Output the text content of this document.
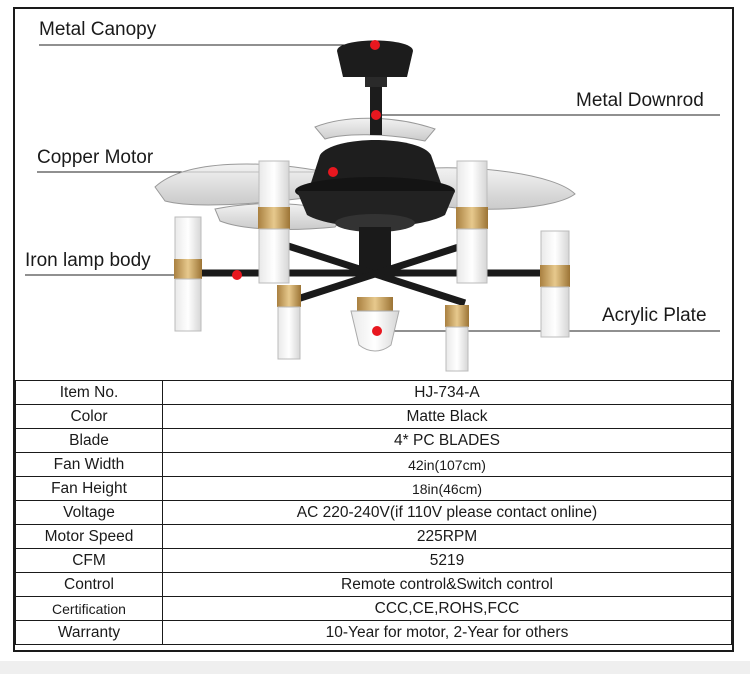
Metal Canopy
Metal Downrod
Copper Motor
Iron lamp body
Acrylic Plate
Item No.	HJ-734-A
Color	Matte Black
Blade	4* PC BLADES
Fan Width	42in(107cm)
Fan Height	18in(46cm)
Voltage	AC 220-240V(if 110V please contact online)
Motor Speed	225RPM
CFM	5219
Control	Remote control&Switch control
Certification	CCC,CE,ROHS,FCC
Warranty	10-Year for motor, 2-Year for others
